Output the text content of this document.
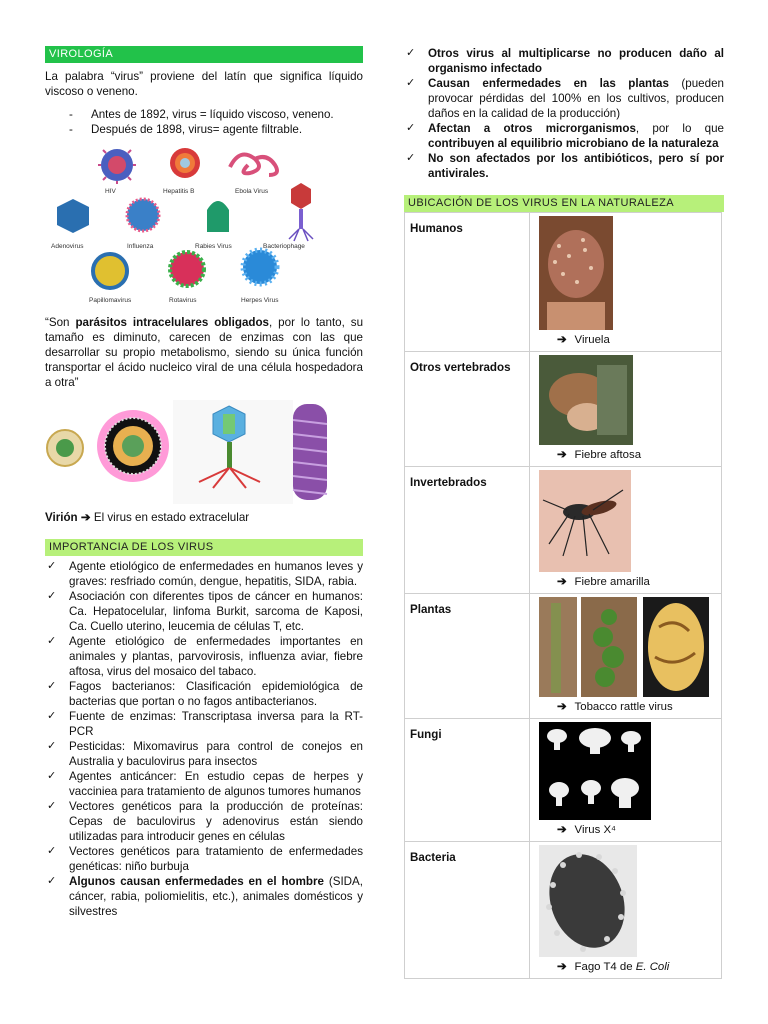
VIROLOGÍA

La palabra “virus” proviene del latín que significa líquido viscoso o veneno.

- Antes de 1892, virus = líquido viscoso, veneno.
- Después de 1898, virus= agente filtrable.
HIV	Hepatitis B	Ebola Virus
Adenovirus	Influenza	Rabies Virus	Bacteriophage
Papillomavirus	Rotavirus	Herpes Virus

“Son parásitos intracelulares obligados, por lo tanto, su tamaño es diminuto, carecen de enzimas con las que desarrollar su propio metabolismo, siendo su única función transportar el ácido nucleico viral de una célula hospedadora a otra”

Virión ➔ El virus en estado extracelular

IMPORTANCIA DE LOS VIRUS
✓ Agente etiológico de enfermedades en humanos leves y graves: resfriado común, dengue, hepatitis, SIDA, rabia.
✓ Asociación con diferentes tipos de cáncer en humanos: Ca. Hepatocelular, linfoma Burkit, sarcoma de Kaposi, Ca. Cuello uterino, leucemia de células T, etc.
✓ Agente etiológico de enfermedades importantes en animales y plantas, parvovirosis, influenza aviar, fiebre aftosa, virus del mosaico del tabaco.
✓ Fagos bacterianos: Clasificación epidemiológica de bacterias que portan o no fagos antibacterianos.
✓ Fuente de enzimas: Transcriptasa inversa para la RT-PCR
✓ Pesticidas: Mixomavirus para control de conejos en Australia y baculovirus para insectos
✓ Agentes anticáncer: En estudio cepas de herpes y vaccinieа para tratamiento de algunos tumores humanos
✓ Vectores genéticos para la producción de proteínas: Cepas de baculovirus y adenovirus están siendo utilizadas para introducir genes en células
✓ Vectores genéticos para tratamiento de enfermedades genéticas: niño burbuja
✓ Algunos causan enfermedades en el hombre (SIDA, cáncer, rabia, poliomielitis, etc.), animales domésticos y silvestres
✓ Otros virus al multiplicarse no producen daño al organismo infectado
✓ Causan enfermedades en las plantas (pueden provocar pérdidas del 100% en los cultivos, producen daños en la calidad de la producción)
✓ Afectan a otros microrganismos, por lo que contribuyen al equilibrio microbiano de la naturaleza
✓ No son afectados por los antibióticos, pero sí por antivirales.
UBICACIÓN DE LOS VIRUS EN LA NATURALEZA
Humanos	➔ Viruela

Otros vertebrados	➔ Fiebre aftosa

Invertebrados	➔ Fiebre amarilla

Plantas	➔ Tobacco rattle virus

Fungi	➔ Virus X⁴

Bacteria	➔ Fago T4 de E. Coli
